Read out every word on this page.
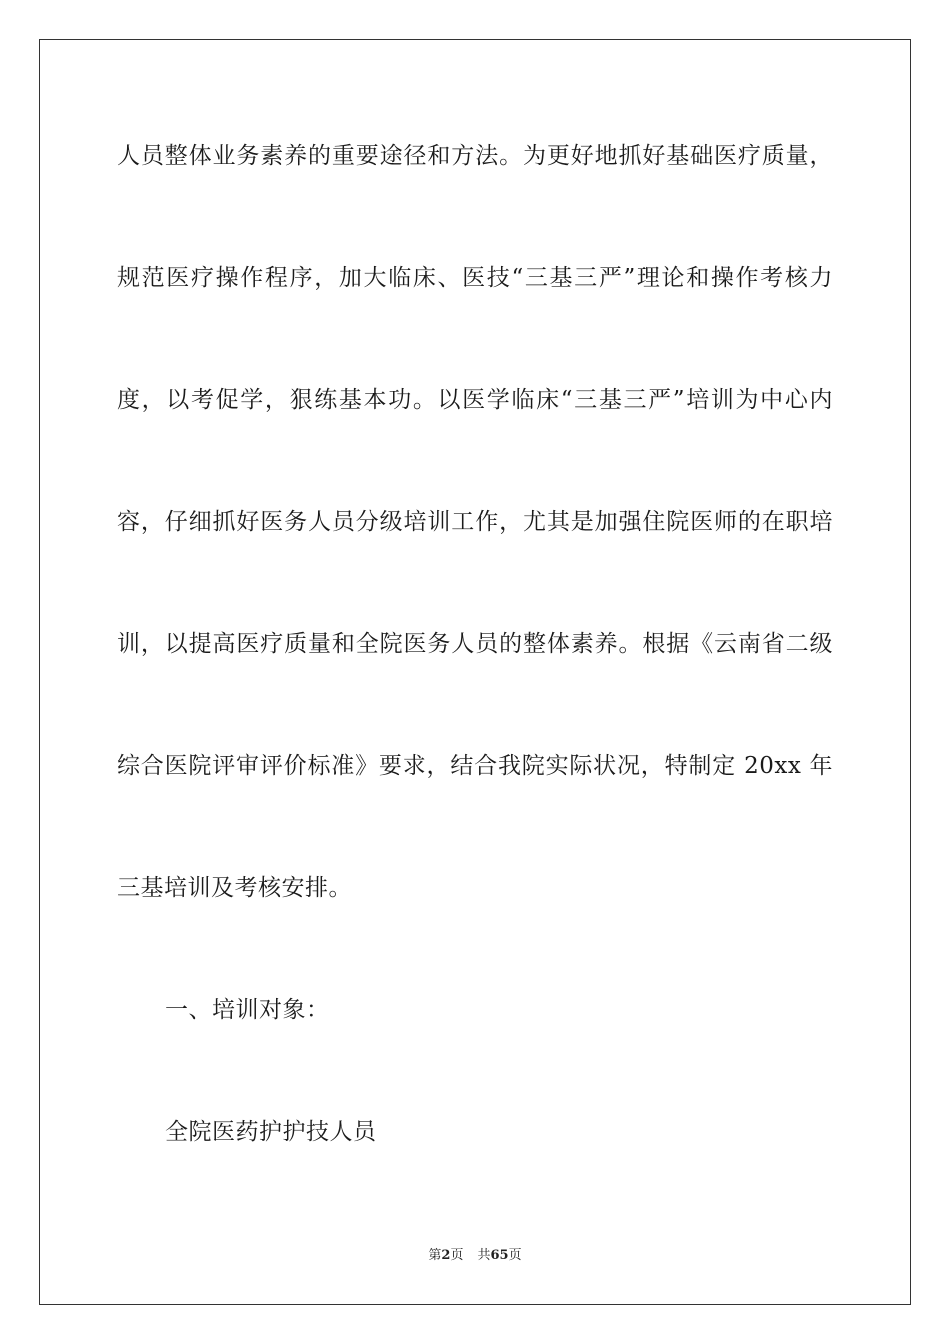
人员整体业务素养的重要途径和方法。为更好地抓好基础医疗质量，
规范医疗操作程序，加大临床、医技“三基三严”理论和操作考核力
度，以考促学，狠练基本功。以医学临床“三基三严”培训为中心内
容，仔细抓好医务人员分级培训工作，尤其是加强住院医师的在职培
训，以提高医疗质量和全院医务人员的整体素养。根据《云南省二级
综合医院评审评价标准》要求，结合我院实际状况，特制定 20xx 年
三基培训及考核安排。
一、培训对象：
全院医药护护技人员
第2页 共65页
